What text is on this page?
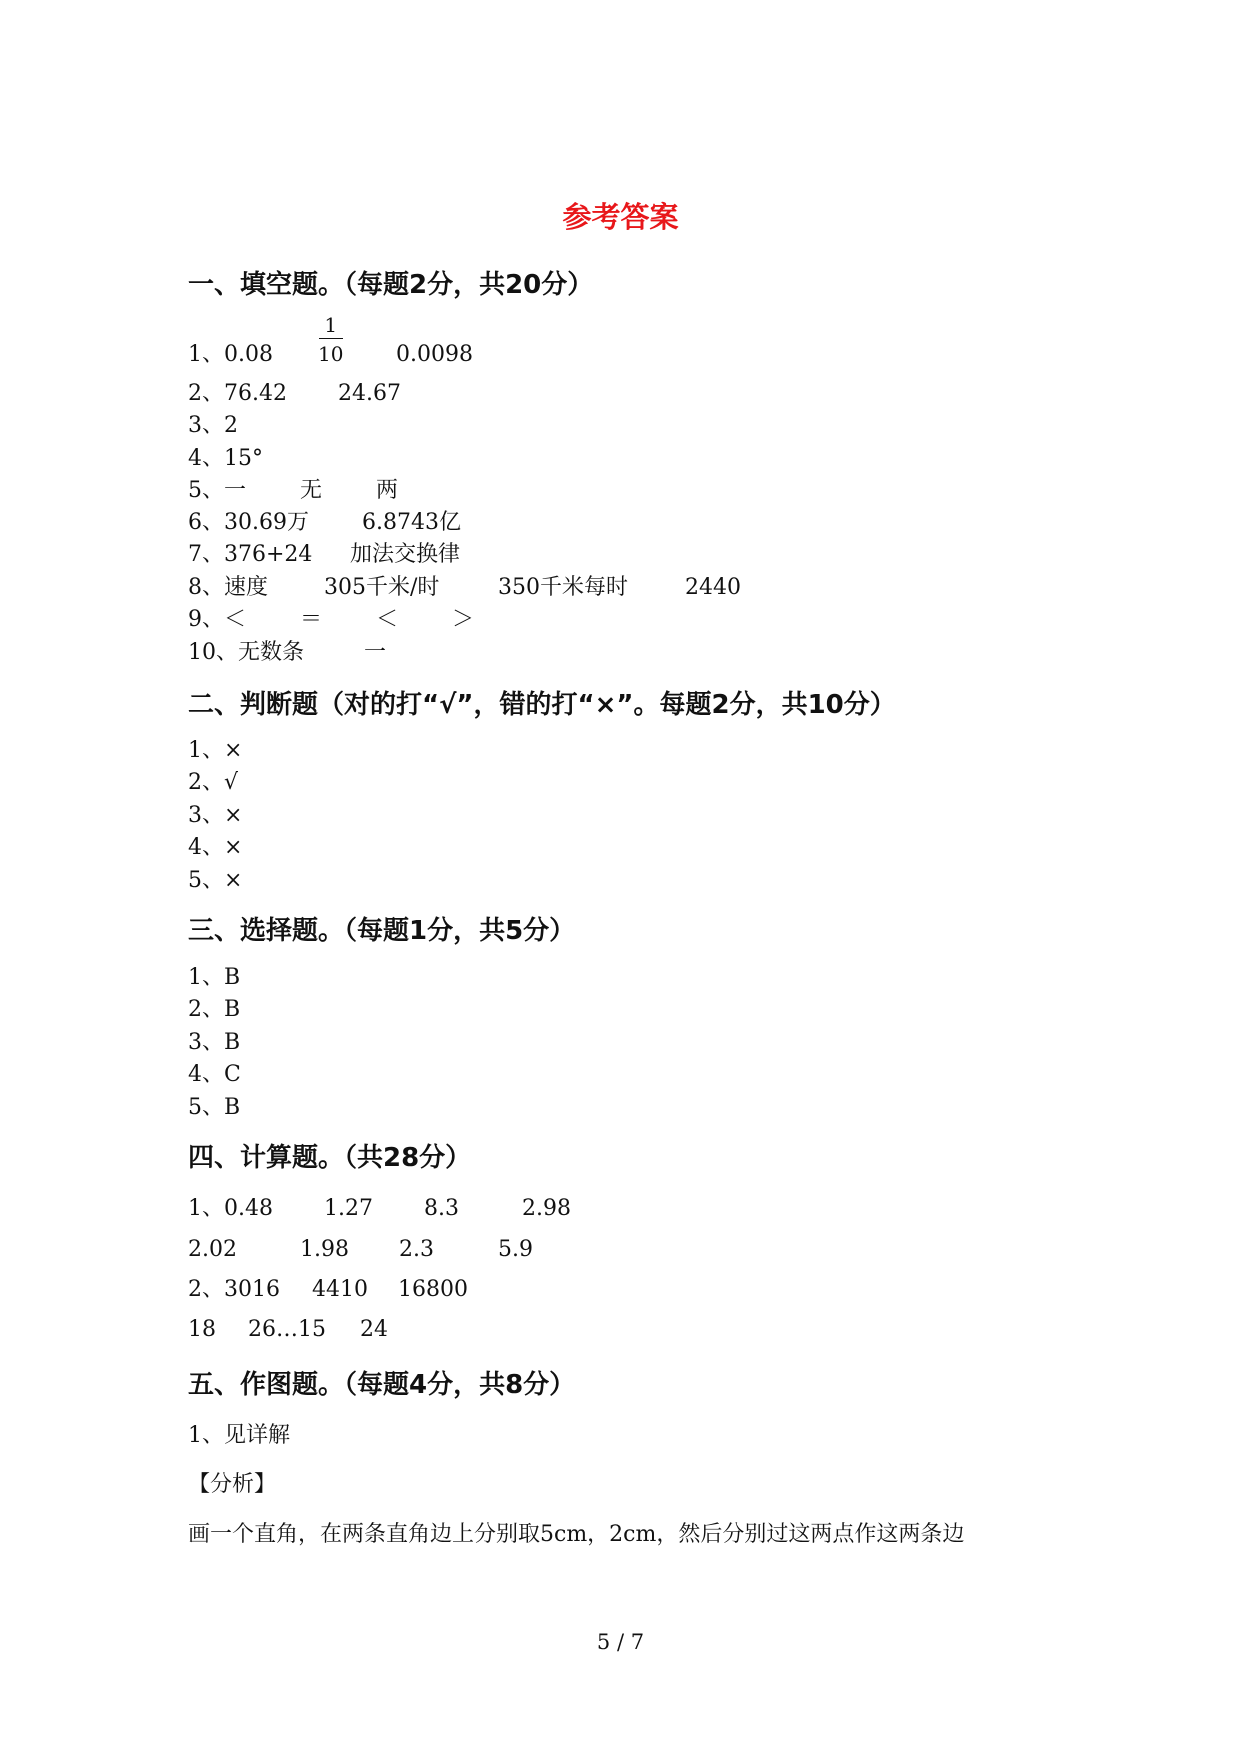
参考答案
一、填空题。（每题2分，共20分）
1、0.08
1
10 0.0098
2、76.42 24.67
3、2
4、15°
5、一 无 两
6、30.69万 6.8743亿
7、376+24 加法交换律
8、速度	305千米/时	350千米每时	2440
9、＜ ＝ ＜ ＞
10、无数条	一
二、判断题（对的打“√”，错的打“×”。每题2分，共10分）
1、×
2、√
3、×
4、×
5、×
三、选择题。（每题1分，共5分）
1、B
2、B
3、B
4、C
5、B
四、计算题。（共28分）
1、0.48 1.27 8.3	2.98
2.02	1.98 2.3	5.9
2、3016 4410 16800
18 26…15 24
五、作图题。（每题4分，共8分）
1、见详解
【分析】
画一个直角，在两条直角边上分别取5cm，2cm，然后分别过这两点作这两条边
5 / 7
